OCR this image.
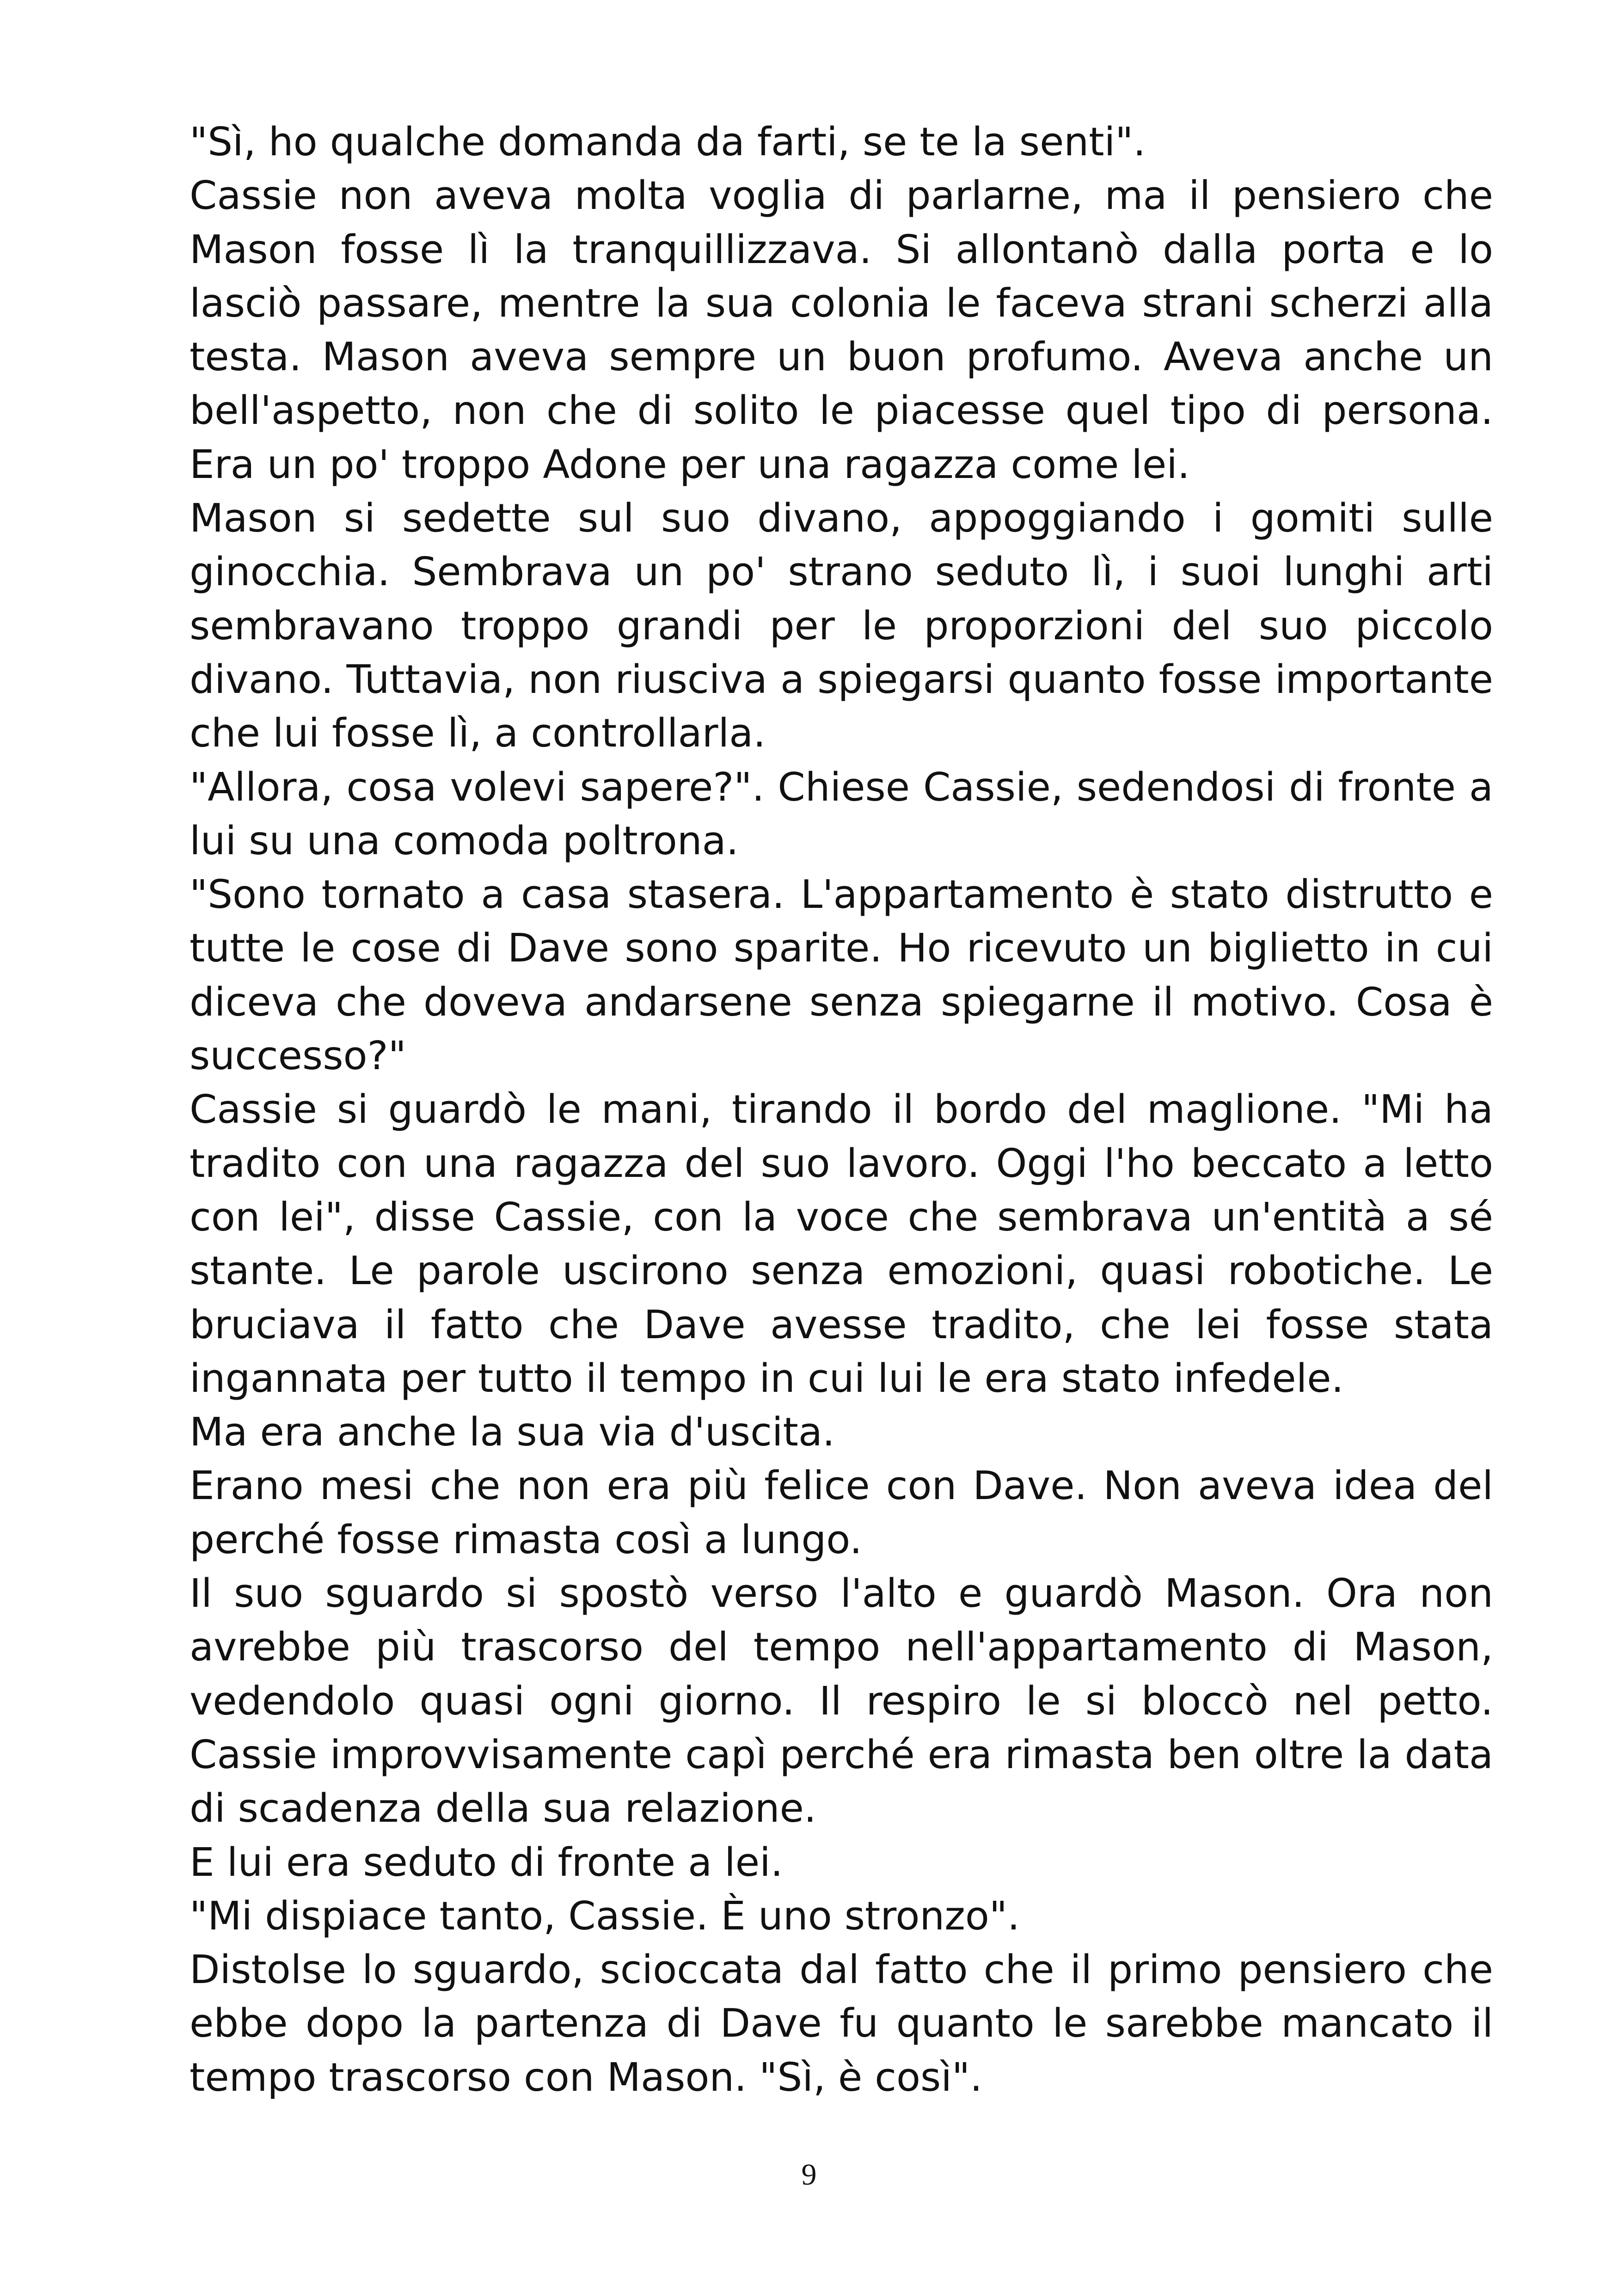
"Sì, ho qualche domanda da farti, se te la senti".

Cassie non aveva molta voglia di parlarne, ma il pensiero che Mason fosse lì la tranquillizzava. Si allontanò dalla porta e lo lasciò passare, mentre la sua colonia le faceva strani scherzi alla testa. Mason aveva sempre un buon profumo. Aveva anche un bell'aspetto, non che di solito le piacesse quel tipo di persona. Era un po' troppo Adone per una ragazza come lei.

Mason si sedette sul suo divano, appoggiando i gomiti sulle ginocchia. Sembrava un po' strano seduto lì, i suoi lunghi arti sembravano troppo grandi per le proporzioni del suo piccolo divano. Tuttavia, non riusciva a spiegarsi quanto fosse importante che lui fosse lì, a controllarla.

"Allora, cosa volevi sapere?". Chiese Cassie, sedendosi di fronte a lui su una comoda poltrona.

"Sono tornato a casa stasera. L'appartamento è stato distrutto e tutte le cose di Dave sono sparite. Ho ricevuto un biglietto in cui diceva che doveva andarsene senza spiegarne il motivo. Cosa è successo?"

Cassie si guardò le mani, tirando il bordo del maglione. "Mi ha tradito con una ragazza del suo lavoro. Oggi l'ho beccato a letto con lei", disse Cassie, con la voce che sembrava un'entità a sé stante. Le parole uscirono senza emozioni, quasi robotiche. Le bruciava il fatto che Dave avesse tradito, che lei fosse stata ingannata per tutto il tempo in cui lui le era stato infedele.

Ma era anche la sua via d'uscita.

Erano mesi che non era più felice con Dave. Non aveva idea del perché fosse rimasta così a lungo.

Il suo sguardo si spostò verso l'alto e guardò Mason. Ora non avrebbe più trascorso del tempo nell'appartamento di Mason, vedendolo quasi ogni giorno. Il respiro le si bloccò nel petto. Cassie improvvisamente capì perché era rimasta ben oltre la data di scadenza della sua relazione.

E lui era seduto di fronte a lei.

"Mi dispiace tanto, Cassie. È uno stronzo".

Distolse lo sguardo, scioccata dal fatto che il primo pensiero che ebbe dopo la partenza di Dave fu quanto le sarebbe mancato il tempo trascorso con Mason. "Sì, è così".

9
